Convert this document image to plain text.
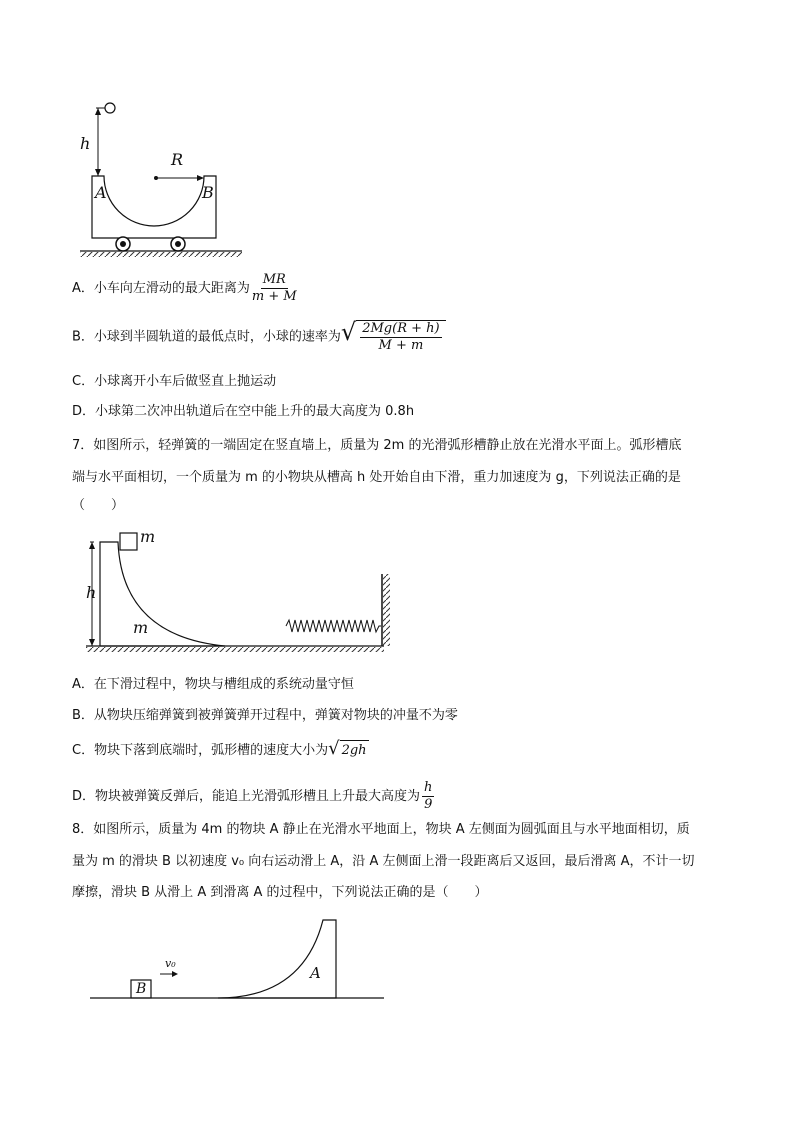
h
R
A	B
A．小车向左滑动的最大距离为 $\frac{MR}{m + M}$
B．小球到半圆轨道的最低点时，小球的速率为 √ $\frac{2Mg(R + h)}{M + m}$
C．小球离开小车后做竖直上抛运动
D．小球第二次冲出轨道后在空中能上升的最大高度为 0.8h
7．如图所示，轻弹簧的一端固定在竖直墙上，质量为 2m 的光滑弧形槽静止放在光滑水平面上。弧形槽底
端与水平面相切，一个质量为 m 的小物块从槽高 h 处开始自由下滑，重力加速度为 g，下列说法正确的是
（　　）
m
m
h
A．在下滑过程中，物块与槽组成的系统动量守恒
B．从物块压缩弹簧到被弹簧弹开过程中，弹簧对物块的冲量不为零
C．物块下落到底端时，弧形槽的速度大小为 √ 2gh
D．物块被弹簧反弹后，能追上光滑弧形槽且上升最大高度为 $\frac{h}{9}$
8．如图所示，质量为 4m 的物块 A 静止在光滑水平地面上，物块 A 左侧面为圆弧面且与水平地面相切，质
量为 m 的滑块 B 以初速度 v₀ 向右运动滑上 A，沿 A 左侧面上滑一段距离后又返回，最后滑离 A，不计一切
摩擦，滑块 B 从滑上 A 到滑离 A 的过程中，下列说法正确的是（　　）
B
A
v₀
